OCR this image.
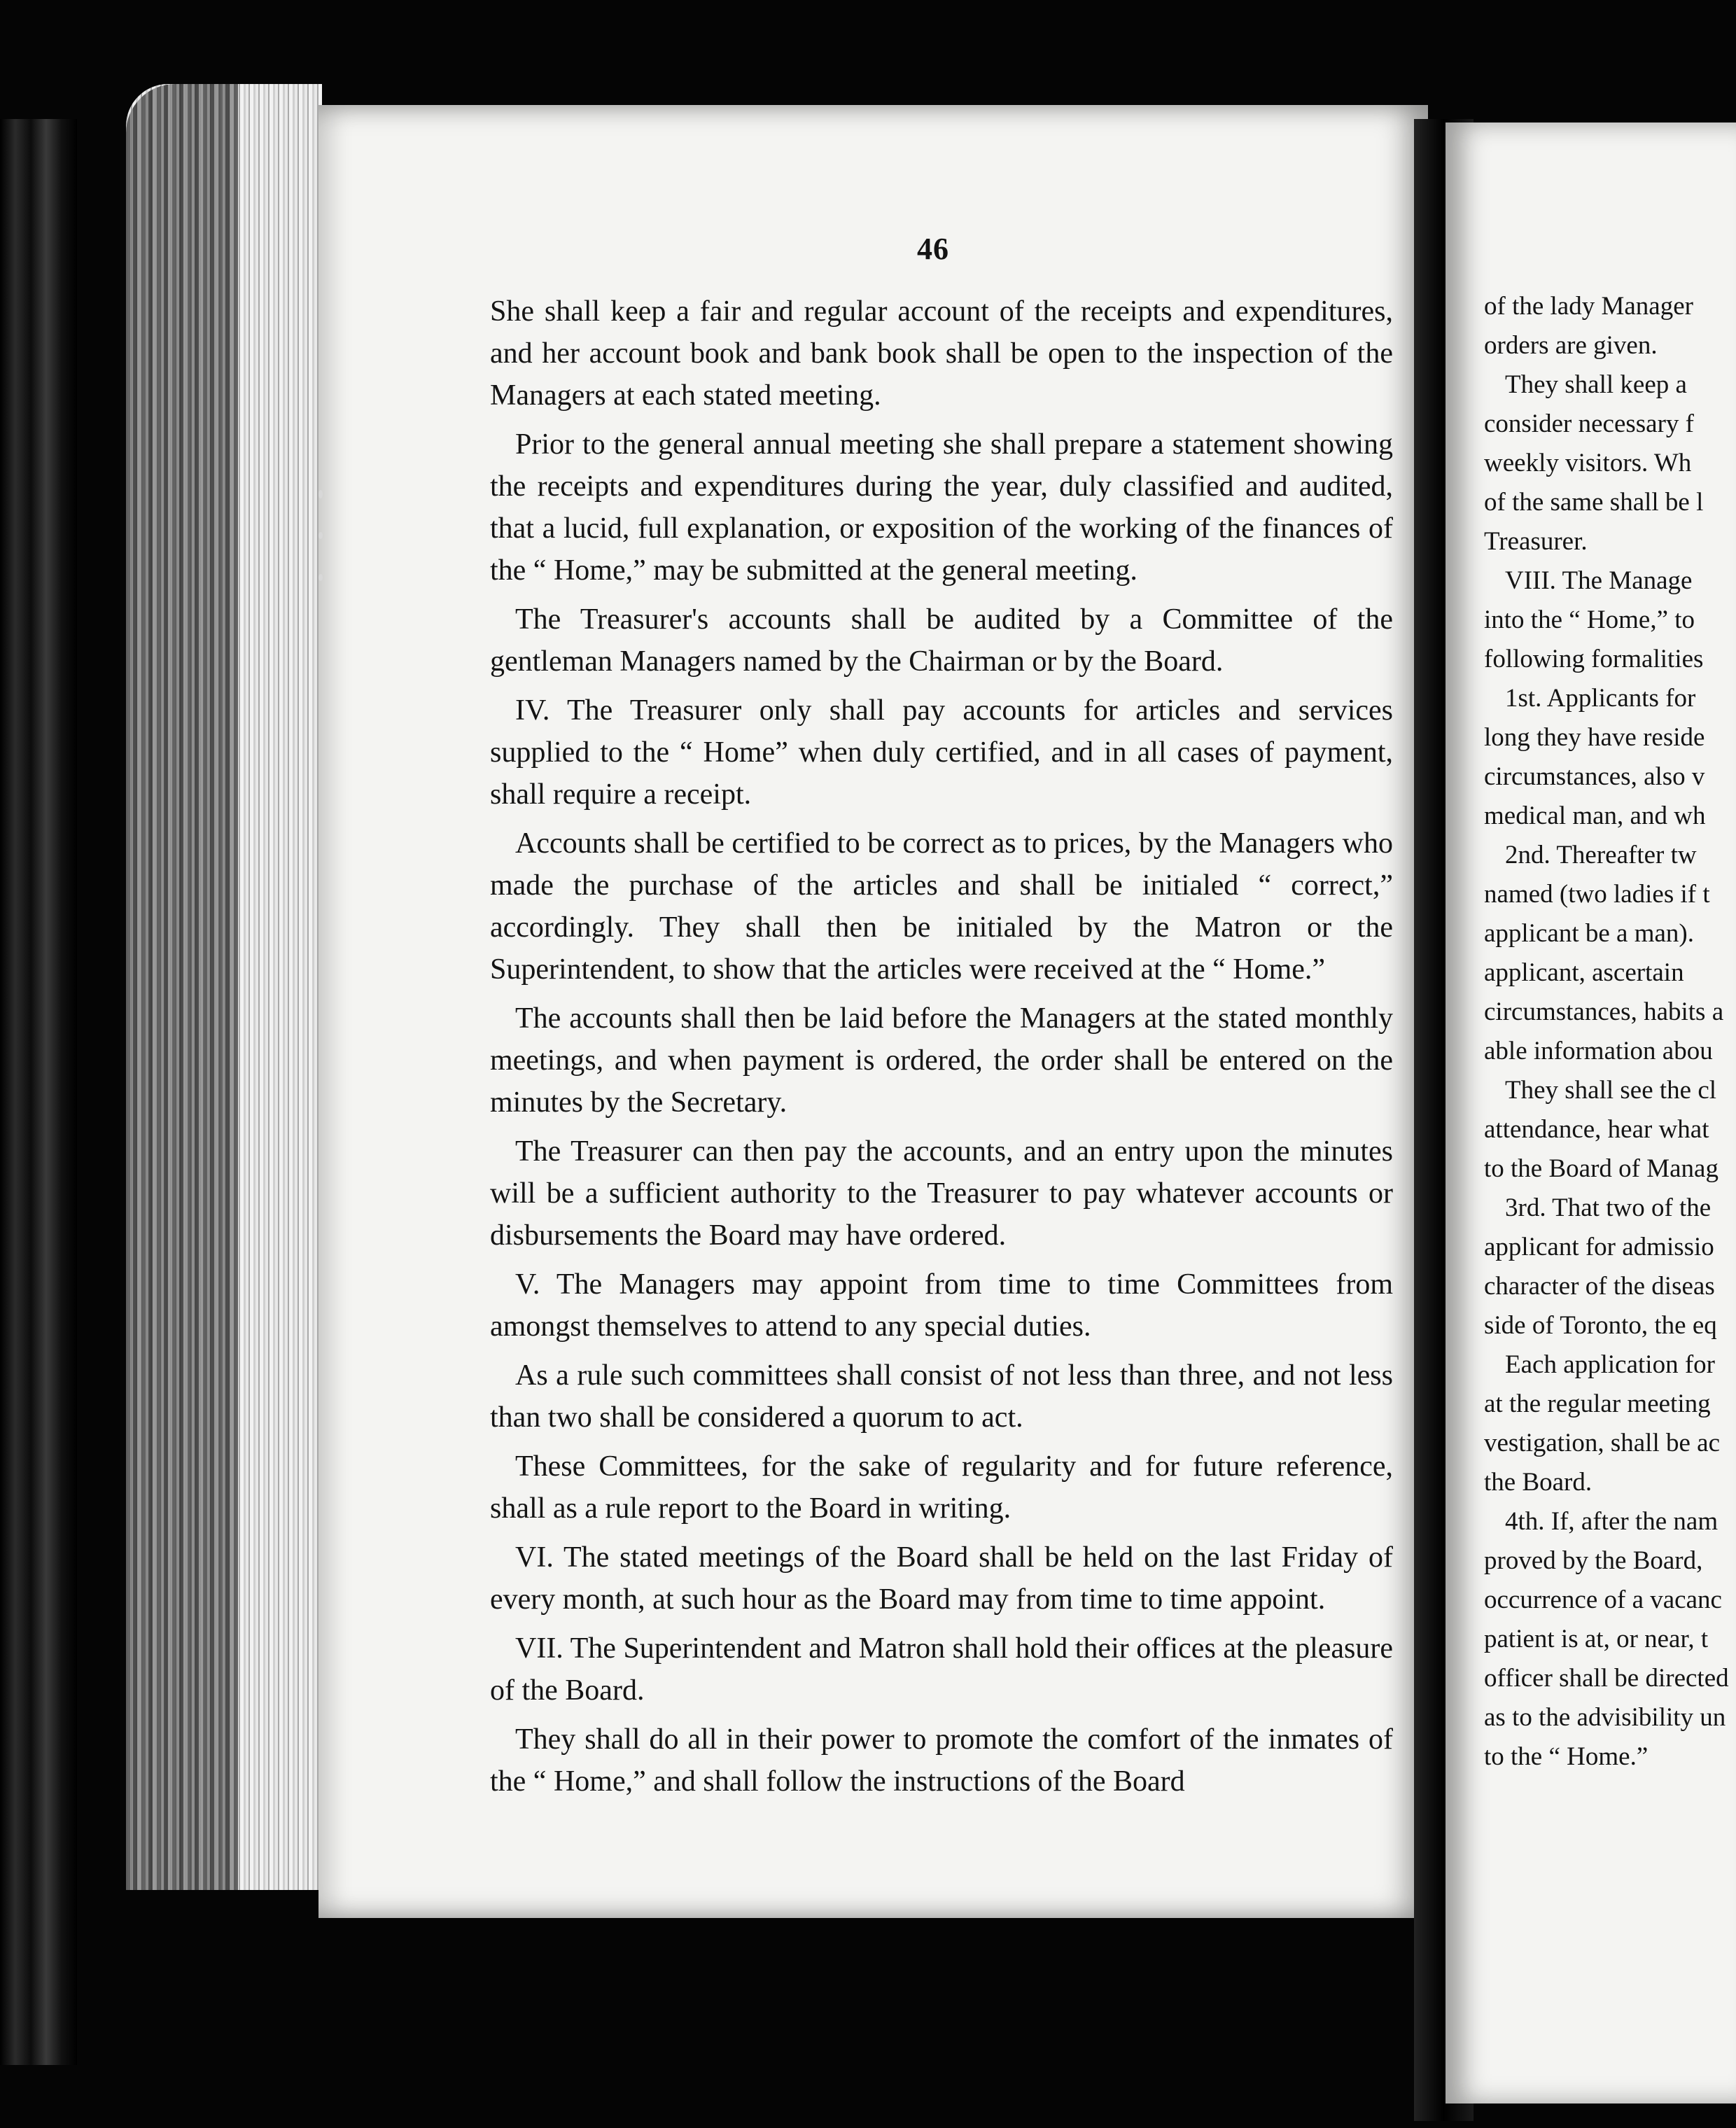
46

She shall keep a fair and regular account of the receipts and expenditures, and her account book and bank book shall be open to the inspection of the Managers at each stated meeting.

Prior to the general annual meeting she shall prepare a statement showing the receipts and expenditures during the year, duly classified and audited, that a lucid, full explanation, or exposition of the working of the finances of the “ Home,” may be submitted at the general meeting.

The Treasurer's accounts shall be audited by a Committee of the gentleman Managers named by the Chairman or by the Board.

IV. The Treasurer only shall pay accounts for articles and services supplied to the “ Home” when duly certified, and in all cases of payment, shall require a receipt.

Accounts shall be certified to be correct as to prices, by the Managers who made the purchase of the articles and shall be initialed “ correct,” accordingly. They shall then be initialed by the Matron or the Superintendent, to show that the articles were received at the “ Home.”

The accounts shall then be laid before the Managers at the stated monthly meetings, and when payment is ordered, the order shall be entered on the minutes by the Secretary.

The Treasurer can then pay the accounts, and an entry upon the minutes will be a sufficient authority to the Treasurer to pay whatever accounts or disbursements the Board may have ordered.

V. The Managers may appoint from time to time Committees from amongst themselves to attend to any special duties.

As a rule such committees shall consist of not less than three, and not less than two shall be considered a quorum to act.

These Committees, for the sake of regularity and for future reference, shall as a rule report to the Board in writing.

VI. The stated meetings of the Board shall be held on the last Friday of every month, at such hour as the Board may from time to time appoint.

VII. The Superintendent and Matron shall hold their offices at the pleasure of the Board.

They shall do all in their power to promote the comfort of the inmates of the “ Home,” and shall follow the instructions of the Board

of the lady Manager
orders are given.
They shall keep a
consider necessary f
weekly visitors. Wh
of the same shall be l
Treasurer.
VIII. The Manage
into the “ Home,” to
following formalities
1st. Applicants for
long they have reside
circumstances, also v
medical man, and wh
2nd. Thereafter tw
named (two ladies if t
applicant be a man).
applicant, ascertain
circumstances, habits a
able information abou
They shall see the cl
attendance, hear what
to the Board of Manag
3rd. That two of the
applicant for admissio
character of the diseas
side of Toronto, the eq
Each application for
at the regular meeting
vestigation, shall be ac
the Board.
4th. If, after the nam
proved by the Board,
occurrence of a vacanc
patient is at, or near, t
officer shall be directed
as to the advisibility un
to the “ Home.”
